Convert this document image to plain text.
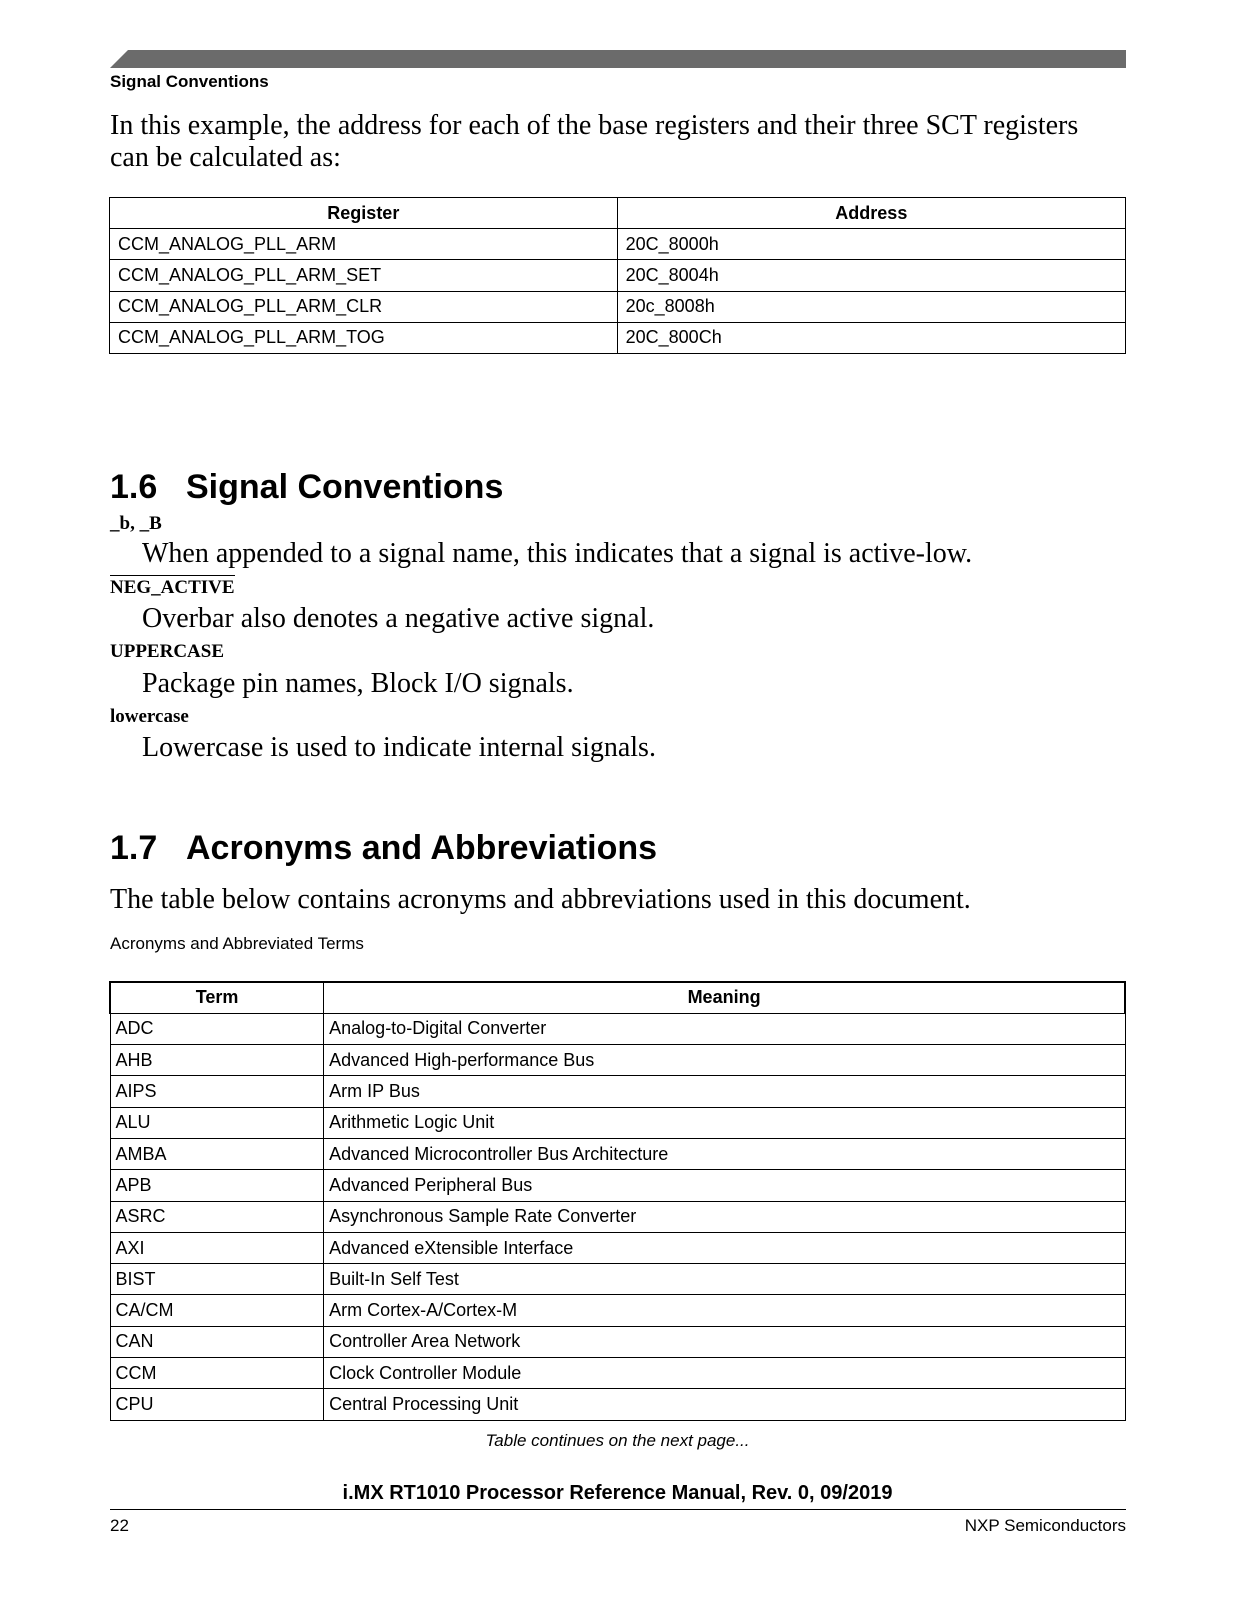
Signal Conventions
In this example, the address for each of the base registers and their three SCT registers can be calculated as:
Register	Address
CCM_ANALOG_PLL_ARM	20C_8000h
CCM_ANALOG_PLL_ARM_SET	20C_8004h
CCM_ANALOG_PLL_ARM_CLR	20c_8008h
CCM_ANALOG_PLL_ARM_TOG	20C_800Ch
1.6 Signal Conventions
_b, _B
When appended to a signal name, this indicates that a signal is active-low.
NEG_ACTIVE
Overbar also denotes a negative active signal.
UPPERCASE
Package pin names, Block I/O signals.
lowercase
Lowercase is used to indicate internal signals.
1.7 Acronyms and Abbreviations
The table below contains acronyms and abbreviations used in this document.
Acronyms and Abbreviated Terms
Term	Meaning
ADC	Analog-to-Digital Converter
AHB	Advanced High-performance Bus
AIPS	Arm IP Bus
ALU	Arithmetic Logic Unit
AMBA	Advanced Microcontroller Bus Architecture
APB	Advanced Peripheral Bus
ASRC	Asynchronous Sample Rate Converter
AXI	Advanced eXtensible Interface
BIST	Built-In Self Test
CA/CM	Arm Cortex-A/Cortex-M
CAN	Controller Area Network
CCM	Clock Controller Module
CPU	Central Processing Unit
Table continues on the next page...
i.MX RT1010 Processor Reference Manual, Rev. 0, 09/2019
22	NXP Semiconductors
